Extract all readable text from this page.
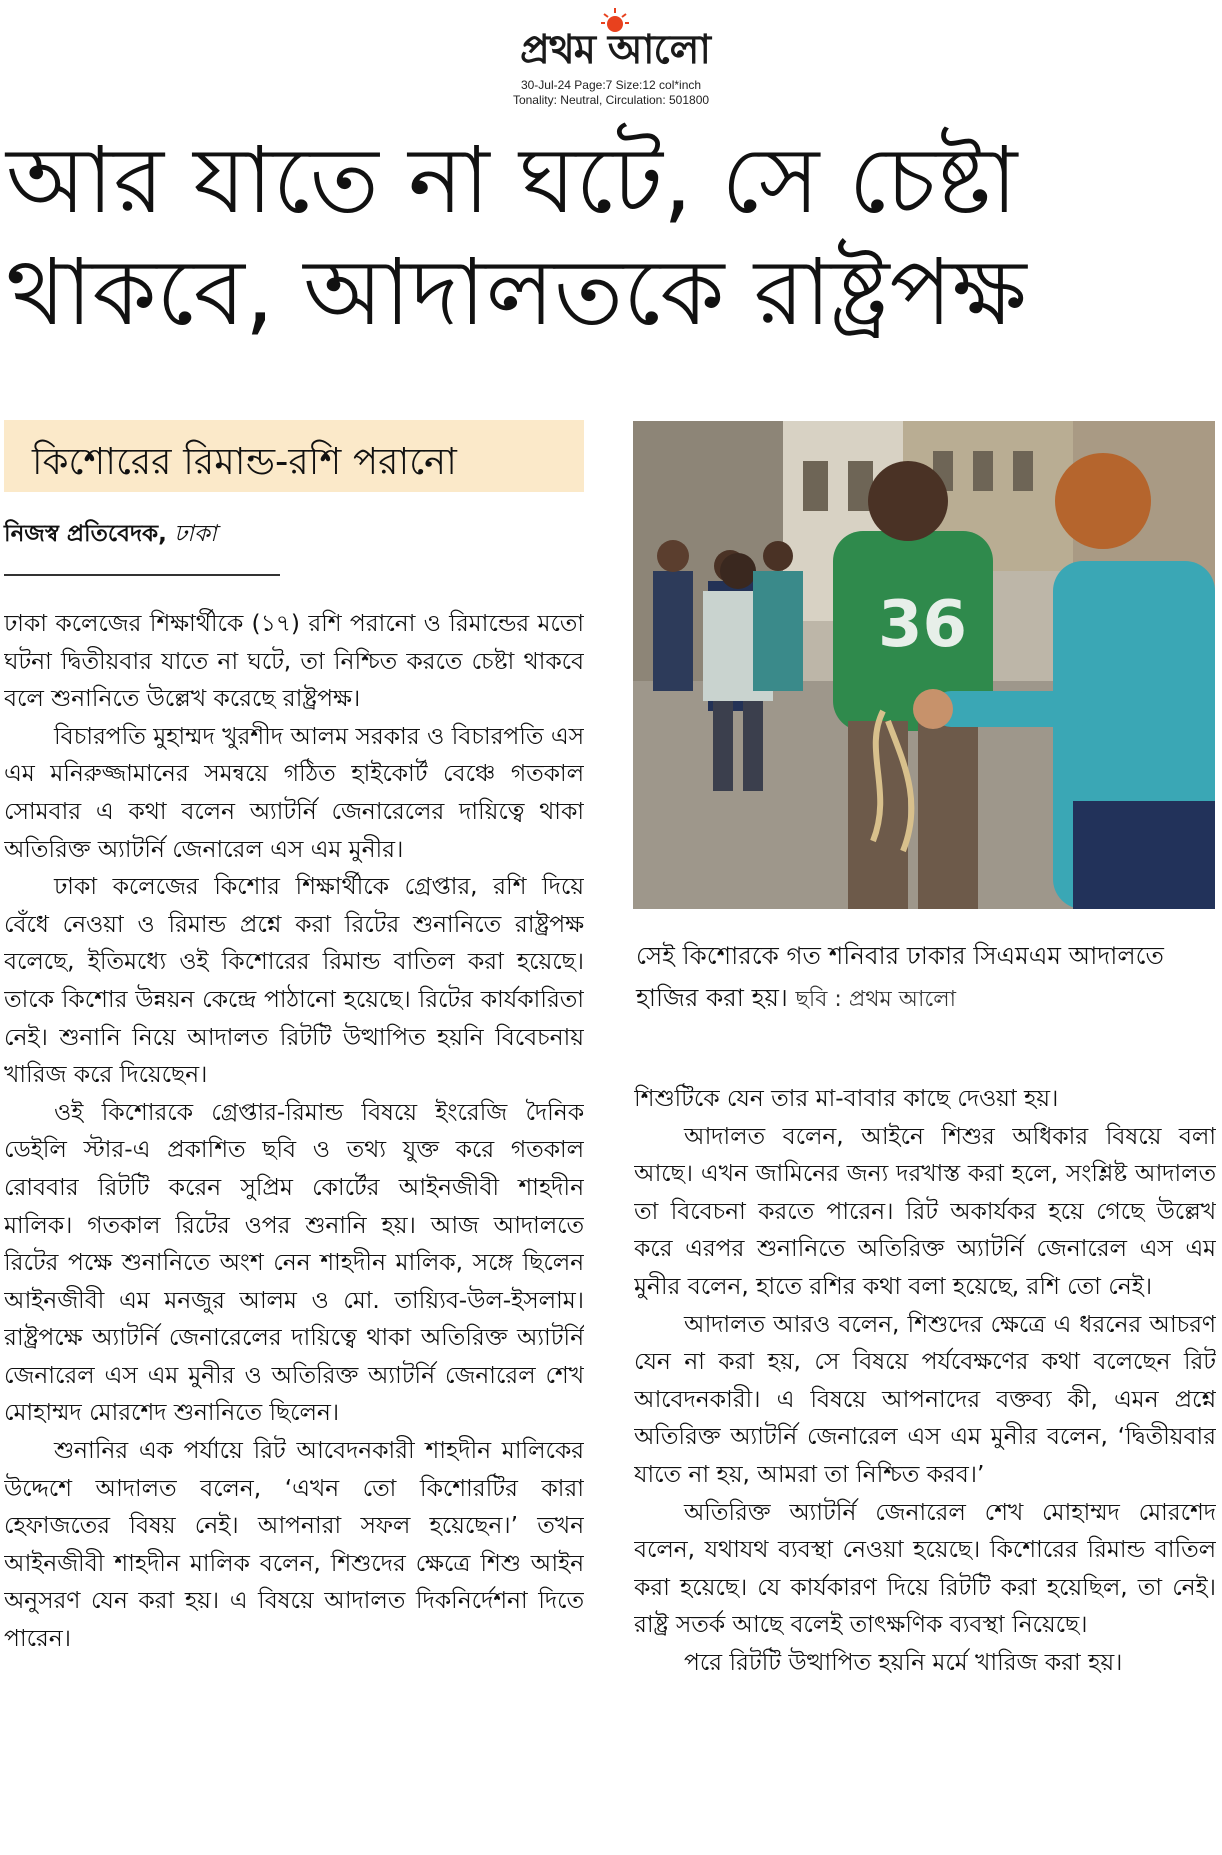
প্রথম আলো
30-Jul-24 Page:7 Size:12 col*inch
Tonality: Neutral, Circulation: 501800
আর যাতে না ঘটে, সে চেষ্টা
থাকবে, আদালতকে রাষ্ট্রপক্ষ
কিশোরের রিমান্ড-রশি পরানো
নিজস্ব প্রতিবেদক, ঢাকা

ঢাকা কলেজের শিক্ষার্থীকে (১৭) রশি পরানো ও রিমান্ডের মতো ঘটনা দ্বিতীয়বার যাতে না ঘটে, তা নিশ্চিত করতে চেষ্টা থাকবে বলে শুনানিতে উল্লেখ করেছে রাষ্ট্রপক্ষ।

বিচারপতি মুহাম্মদ খুরশীদ আলম সরকার ও বিচারপতি এস এম মনিরুজ্জামানের সমন্বয়ে গঠিত হাইকোর্ট বেঞ্চে গতকাল সোমবার এ কথা বলেন অ্যাটর্নি জেনারেলের দায়িত্বে থাকা অতিরিক্ত অ্যাটর্নি জেনারেল এস এম মুনীর।

ঢাকা কলেজের কিশোর শিক্ষার্থীকে গ্রেপ্তার, রশি দিয়ে বেঁধে নেওয়া ও রিমান্ড প্রশ্নে করা রিটের শুনানিতে রাষ্ট্রপক্ষ বলেছে, ইতিমধ্যে ওই কিশোরের রিমান্ড বাতিল করা হয়েছে। তাকে কিশোর উন্নয়ন কেন্দ্রে পাঠানো হয়েছে। রিটের কার্যকারিতা নেই। শুনানি নিয়ে আদালত রিটটি উত্থাপিত হয়নি বিবেচনায় খারিজ করে দিয়েছেন।

ওই কিশোরকে গ্রেপ্তার-রিমান্ড বিষয়ে ইংরেজি দৈনিক ডেইলি স্টার-এ প্রকাশিত ছবি ও তথ্য যুক্ত করে গতকাল রোববার রিটটি করেন সুপ্রিম কোর্টের আইনজীবী শাহদীন মালিক। গতকাল রিটের ওপর শুনানি হয়। আজ আদালতে রিটের পক্ষে শুনানিতে অংশ নেন শাহদীন মালিক, সঙ্গে ছিলেন আইনজীবী এম মনজুর আলম ও মো. তায়্যিব-উল-ইসলাম। রাষ্ট্রপক্ষে অ্যাটর্নি জেনারেলের দায়িত্বে থাকা অতিরিক্ত অ্যাটর্নি জেনারেল এস এম মুনীর ও অতিরিক্ত অ্যাটর্নি জেনারেল শেখ মোহাম্মদ মোরশেদ শুনানিতে ছিলেন।

শুনানির এক পর্যায়ে রিট আবেদনকারী শাহদীন মালিকের উদ্দেশে আদালত বলেন, ‘এখন তো কিশোরটির কারা হেফাজতের বিষয় নেই। আপনারা সফল হয়েছেন।’ তখন আইনজীবী শাহদীন মালিক বলেন, শিশুদের ক্ষেত্রে শিশু আইন অনুসরণ যেন করা হয়। এ বিষয়ে আদালত দিকনির্দেশনা দিতে পারেন।

36
সেই কিশোরকে গত শনিবার ঢাকার সিএমএম আদালতে হাজির করা হয়। ছবি : প্রথম আলো

শিশুটিকে যেন তার মা-বাবার কাছে দেওয়া হয়।

আদালত বলেন, আইনে শিশুর অধিকার বিষয়ে বলা আছে। এখন জামিনের জন্য দরখাস্ত করা হলে, সংশ্লিষ্ট আদালত তা বিবেচনা করতে পারেন। রিট অকার্যকর হয়ে গেছে উল্লেখ করে এরপর শুনানিতে অতিরিক্ত অ্যাটর্নি জেনারেল এস এম মুনীর বলেন, হাতে রশির কথা বলা হয়েছে, রশি তো নেই।

আদালত আরও বলেন, শিশুদের ক্ষেত্রে এ ধরনের আচরণ যেন না করা হয়, সে বিষয়ে পর্যবেক্ষণের কথা বলেছেন রিট আবেদনকারী। এ বিষয়ে আপনাদের বক্তব্য কী, এমন প্রশ্নে অতিরিক্ত অ্যাটর্নি জেনারেল এস এম মুনীর বলেন, ‘দ্বিতীয়বার যাতে না হয়, আমরা তা নিশ্চিত করব।’

অতিরিক্ত অ্যাটর্নি জেনারেল শেখ মোহাম্মদ মোরশেদ বলেন, যথাযথ ব্যবস্থা নেওয়া হয়েছে। কিশোরের রিমান্ড বাতিল করা হয়েছে। যে কার্যকারণ দিয়ে রিটটি করা হয়েছিল, তা নেই। রাষ্ট্র সতর্ক আছে বলেই তাৎক্ষণিক ব্যবস্থা নিয়েছে।

পরে রিটটি উত্থাপিত হয়নি মর্মে খারিজ করা হয়।
